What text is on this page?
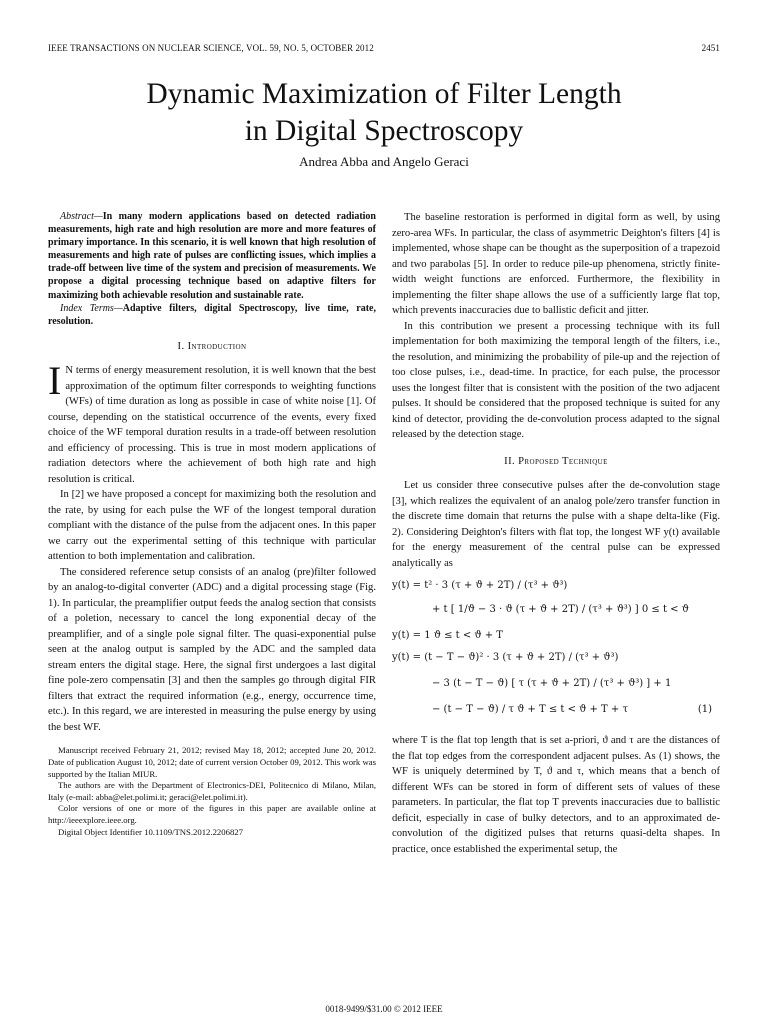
IEEE TRANSACTIONS ON NUCLEAR SCIENCE, VOL. 59, NO. 5, OCTOBER 2012	2451
Dynamic Maximization of Filter Length
in Digital Spectroscopy
Andrea Abba and Angelo Geraci

Abstract—In many modern applications based on detected radiation measurements, high rate and high resolution are more and more features of primary importance. In this scenario, it is well known that high resolution of measurements and high rate of pulses are conflicting issues, which implies a trade-off between live time of the system and precision of measurements. We propose a digital processing technique based on adaptive filters for maximizing both achievable resolution and sustainable rate.

Index Terms—Adaptive filters, digital Spectroscopy, live time, rate, resolution.

I. Introduction

I N terms of energy measurement resolution, it is well known that the best approximation of the optimum filter corresponds to weighting functions (WFs) of time duration as long as possible in case of white noise [1]. Of course, depending on the statistical occurrence of the events, every fixed choice of the WF temporal duration results in a trade-off between resolution and efficiency of processing. This is true in most modern applications of radiation detectors where the achievement of both high rate and high resolution is critical.

In [2] we have proposed a concept for maximizing both the resolution and the rate, by using for each pulse the WF of the longest temporal duration compliant with the distance of the pulse from the adjacent ones. In this paper we carry out the experimental setting of this technique with particular attention to both implementation and calibration.

The considered reference setup consists of an analog (pre)filter followed by an analog-to-digital converter (ADC) and a digital processing stage (Fig. 1). In particular, the preamplifier output feeds the analog section that consists of a poletion, necessary to cancel the long exponential decay of the preamplifier, and of a single pole signal filter. The quasi-exponential pulse seen at the analog output is sampled by the ADC and the sampled data stream enters the digital stage. Here, the signal first undergoes a last digital fine pole-zero compensatin [3] and then the samples go through digital FIR filters that extract the required information (e.g., energy, occurrence time, etc.). In this regard, we are interested in measuring the pulse energy by using the best WF.

Manuscript received February 21, 2012; revised May 18, 2012; accepted June 20, 2012. Date of publication August 10, 2012; date of current version October 09, 2012. This work was supported by the Italian MIUR.

The authors are with the Department of Electronics-DEI, Politecnico di Milano, Milan, Italy (e-mail: abba@elet.polimi.it; geraci@elet.polimi.it).

Color versions of one or more of the figures in this paper are available online at http://ieeexplore.ieee.org.

Digital Object Identifier 10.1109/TNS.2012.2206827

The baseline restoration is performed in digital form as well, by using zero-area WFs. In particular, the class of asymmetric Deighton's filters [4] is implemented, whose shape can be thought as the superposition of a trapezoid and two parabolas [5]. In order to reduce pile-up phenomena, strictly finite-width weight functions are enforced. Furthermore, the flexibility in implementing the filter shape allows the use of a sufficiently large flat top, which prevents inaccuracies due to ballistic deficit and jitter.

In this contribution we present a processing technique with its full implementation for both maximizing the temporal length of the filters, i.e., the resolution, and minimizing the probability of pile-up and the rejection of too close pulses, i.e., dead-time. In practice, for each pulse, the processor uses the longest filter that is consistent with the position of the two adjacent pulses. It should be considered that the proposed technique is suited for any kind of detector, providing the de-convolution process adapted to the signal released by the detection stage.

II. Proposed Technique

Let us consider three consecutive pulses after the de-convolution stage [3], which realizes the equivalent of an analog pole/zero transfer function in the discrete time domain that returns the pulse with a shape delta-like (Fig. 2). Considering Deighton's filters with flat top, the longest WF y(t) available for the energy measurement of the central pulse can be expressed analytically as

y(t) = t² · 3 (τ + ϑ + 2T) / (τ³ + ϑ³)
+ t [ 1/ϑ − 3 · ϑ (τ + ϑ + 2T) / (τ³ + ϑ³) ] 0 ≤ t < ϑ
y(t) = 1 ϑ ≤ t < ϑ + T
y(t) = (t − T − ϑ)² · 3 (τ + ϑ + 2T) / (τ³ + ϑ³)
− 3 (t − T − ϑ) [ τ (τ + ϑ + 2T) / (τ³ + ϑ³) ] + 1
− (t − T − ϑ) / τ ϑ + T ≤ t < ϑ + T + τ	(1)

where T is the flat top length that is set a-priori, ϑ and τ are the distances of the flat top edges from the correspondent adjacent pulses. As (1) shows, the WF is uniquely determined by T, ϑ and τ, which means that a bench of different WFs can be stored in form of different sets of values of these parameters. In particular, the flat top T prevents inaccuracies due to ballistic deficit, especially in case of bulky detectors, and to an approximated de-convolution of the digitized pulses that returns quasi-delta shapes. In practice, once established the experimental setup, the

0018-9499/$31.00 © 2012 IEEE
